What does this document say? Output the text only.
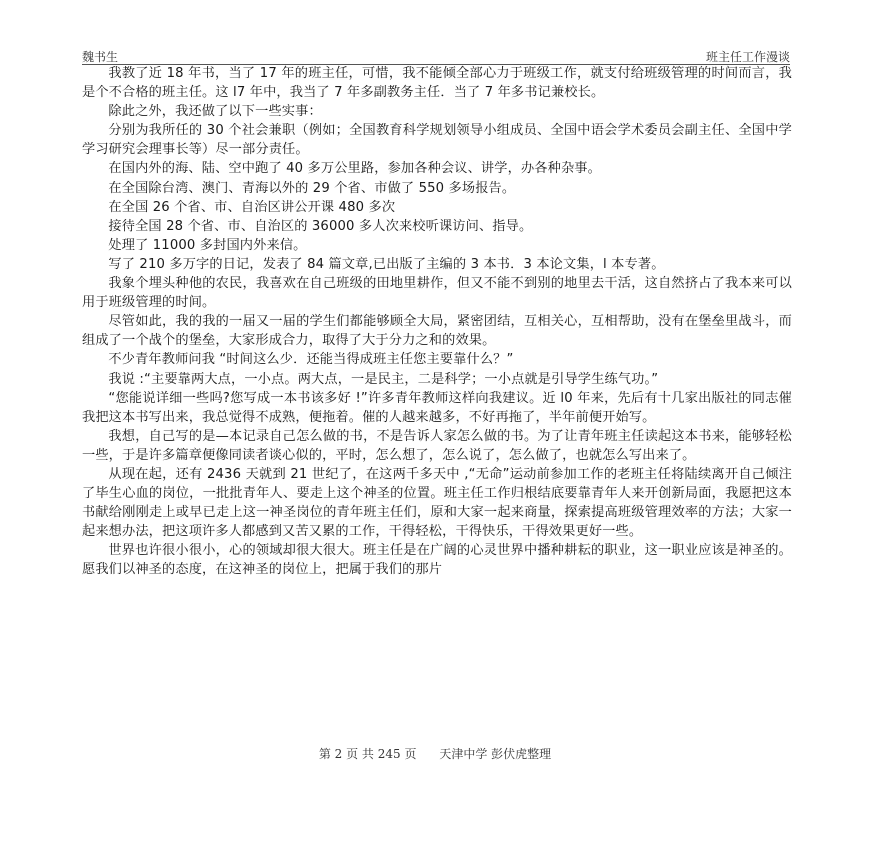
魏书生	班主任工作漫谈

我教了近 18 年书，当了 17 年的班主任，可惜，我不能倾全部心力于班级工作，就支付给班级管理的时间而言，我是个不合格的班主任。这 l7 年中，我当了 7 年多副教务主任．当了 7 年多书记兼校长。

除此之外，我还做了以下一些实事：

分别为我所任的 30 个社会兼职（例如；全国教育科学规划领导小组成员、全国中语会学术委员会副主任、全国中学学习研究会理事长等）尽一部分责任。

在国内外的海、陆、空中跑了 40 多万公里路，参加各种会议、讲学，办各种杂事。

在全国除台湾、澳门、青海以外的 29 个省、市做了 550 多场报告。

在全国 26 个省、市、自治区讲公开课 480 多次

接待全国 28 个省、巿、自治区的 36000 多人次来校听课访问、指导。

处理了 11000 多封国内外来信。

写了 210 多万字的日记，发表了 84 篇文章,已出版了主编的 3 本书．3 本论文集，l 本专著。

我象个埋头种他的农民，我喜欢在自己班级的田地里耕作，但又不能不到别的地里去干活，这自然挤占了我本来可以用于班级管理的时间。

尽管如此，我的我的一届又一届的学生们都能够顾全大局，紧密团结，互相关心，互相帮助，没有在堡垒里战斗，而组成了一个战个的堡垒，大家形成合力，取得了大于分力之和的效果。

不少青年教师问我 “时间这么少．还能当得成班主任您主要靠什么？”

我说 :“主要靠两大点，一小点。两大点，一是民主，二是科学；一小点就是引导学生练气功。”

“您能说详细一些吗?您写成一本书该多好 !”许多青年教师这样向我建议。近 l0 年来，先后有十几家出版社的同志催我把这本书写出来，我总觉得不成熟，便拖着。催的人越来越多，不好再拖了，半年前便开始写。

我想，自己写的是—本记录自己怎么做的书，不是告诉人家怎么做的书。为了让青年班主任读起这本书来，能够轻松一些，于是许多篇章便像同读者谈心似的，平时，怎么想了，怎么说了，怎么做了，也就怎么写出来了。

从现在起，还有 2436 天就到 21 世纪了，在这两千多天中 ,“无命”运动前参加工作的老班主任将陆续离开自己倾注了毕生心血的岗位，一批批青年人、要走上这个神圣的位置。班主任工作归根结底要靠青年人来开创新局面，我愿把这本书献给刚刚走上或早已走上这一神圣岗位的青年班主任们，原和大家一起来商量，探索提高班级管理效率的方法；大家一起来想办法，把这项许多人都感到又苦又累的工作，干得轻松，干得快乐，干得效果更好一些。

世界也许很小很小，心的领域却很大很大。班主任是在广阔的心灵世界中播种耕耘的职业，这一职业应该是神圣的。愿我们以神圣的态度，在这神圣的岗位上，把属于我们的那片

第 2 页 共 245 页 天津中学 彭伏虎整理
